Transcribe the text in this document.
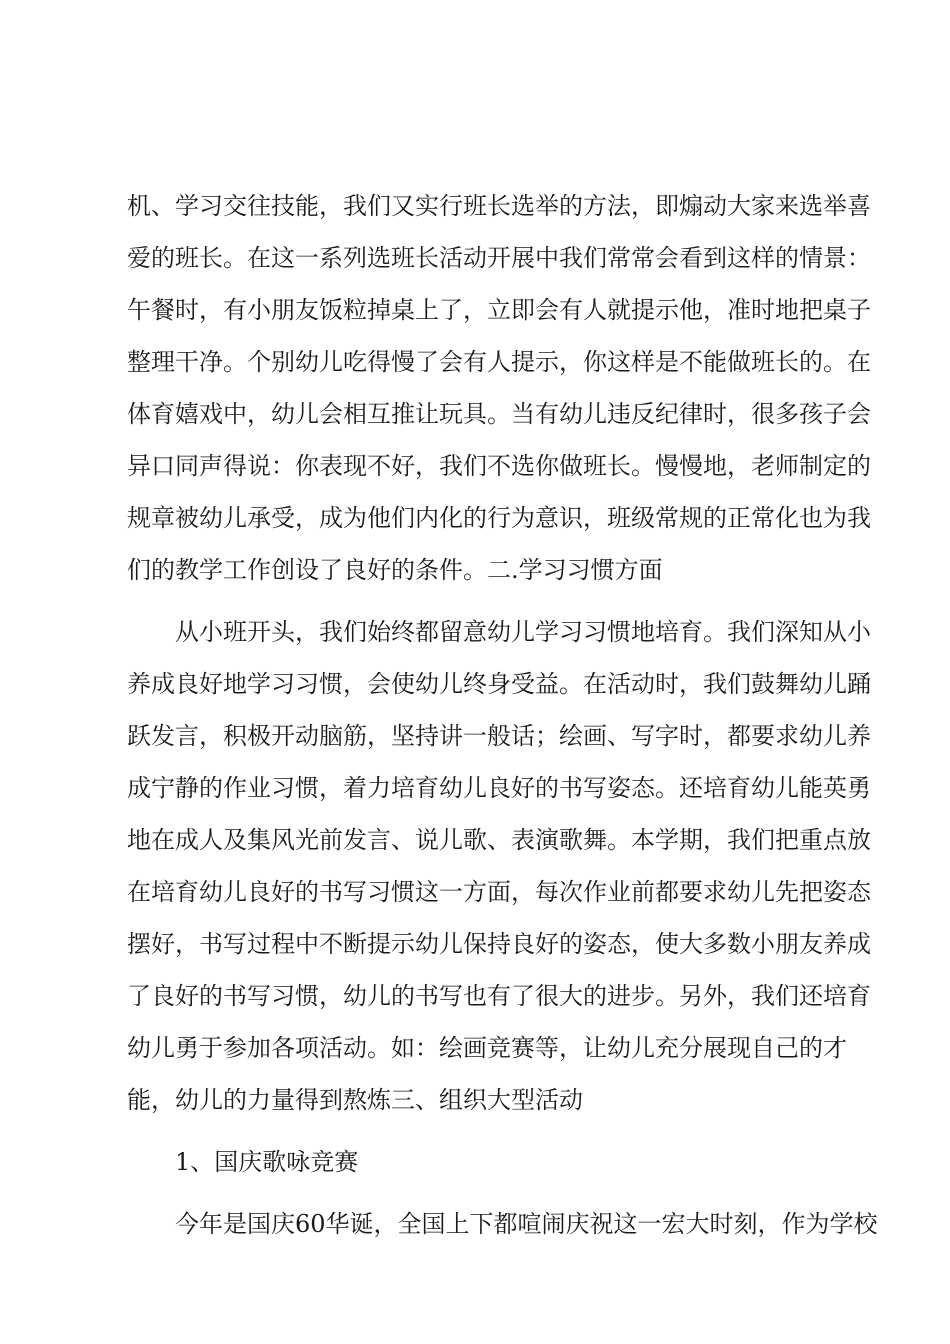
机、学习交往技能，我们又实行班长选举的方法，即煽动大家来选举喜
爱的班长。在这一系列选班长活动开展中我们常常会看到这样的情景：
午餐时，有小朋友饭粒掉桌上了，立即会有人就提示他，准时地把桌子
整理干净。个别幼儿吃得慢了会有人提示，你这样是不能做班长的。在
体育嬉戏中，幼儿会相互推让玩具。当有幼儿违反纪律时，很多孩子会
异口同声得说：你表现不好，我们不选你做班长。慢慢地，老师制定的
规章被幼儿承受，成为他们内化的行为意识，班级常规的正常化也为我
们的教学工作创设了良好的条件。二.学习习惯方面
从小班开头，我们始终都留意幼儿学习习惯地培育。我们深知从小
养成良好地学习习惯，会使幼儿终身受益。在活动时，我们鼓舞幼儿踊
跃发言，积极开动脑筋，坚持讲一般话；绘画、写字时，都要求幼儿养
成宁静的作业习惯，着力培育幼儿良好的书写姿态。还培育幼儿能英勇
地在成人及集风光前发言、说儿歌、表演歌舞。本学期，我们把重点放
在培育幼儿良好的书写习惯这一方面，每次作业前都要求幼儿先把姿态
摆好，书写过程中不断提示幼儿保持良好的姿态，使大多数小朋友养成
了良好的书写习惯，幼儿的书写也有了很大的进步。另外，我们还培育
幼儿勇于参加各项活动。如：绘画竞赛等，让幼儿充分展现自己的才
能，幼儿的力量得到熬炼三、组织大型活动
1、国庆歌咏竞赛
今年是国庆60华诞，全国上下都喧闹庆祝这一宏大时刻，作为学校
